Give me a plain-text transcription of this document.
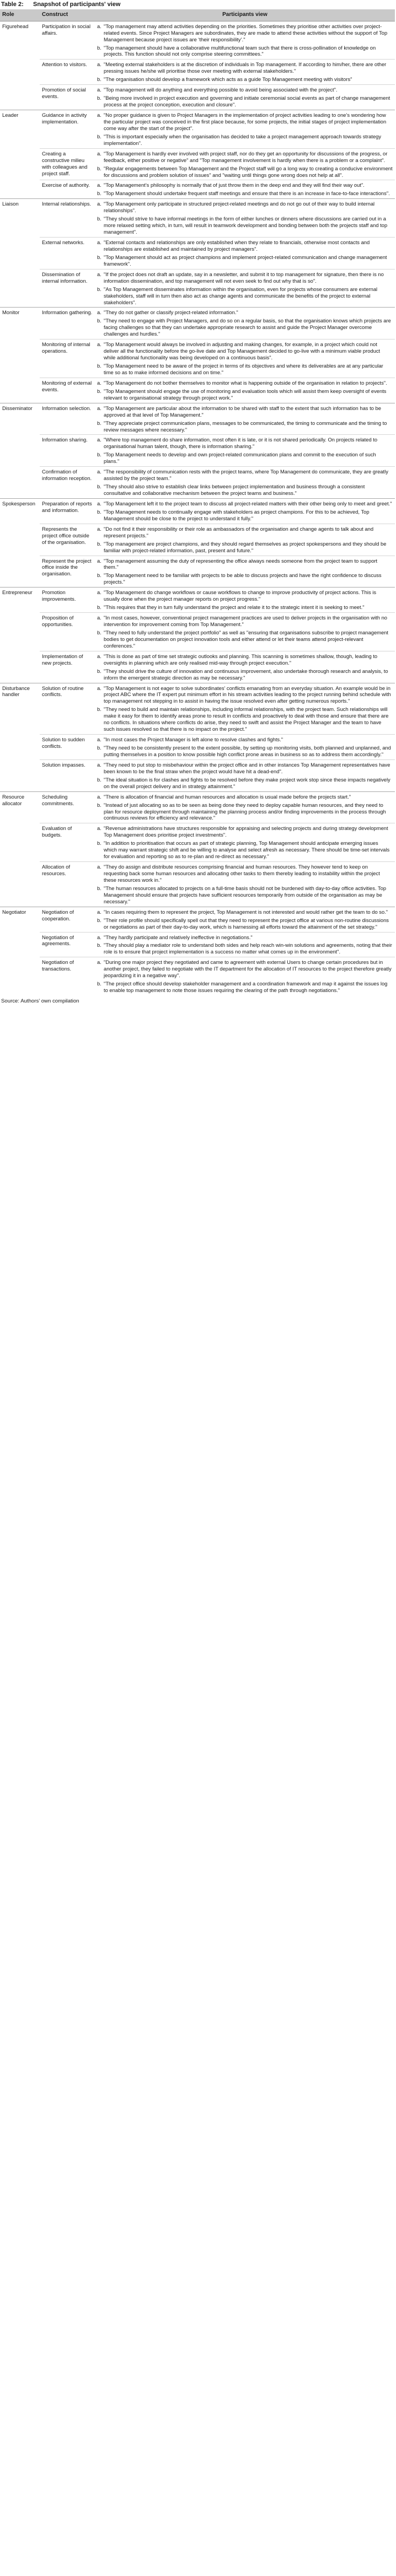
Table 2:	Snapshot of participants' view
Role	Construct	Participants view
Figurehead	Participation in social affairs.	a. "Top management may attend activities depending on the priorities. Sometimes they prioritise other activities over project-related events. Since Project Managers are subordinates, they are made to attend these activities without the support of Top Management because project issues are ‘their responsibility’."
b. "Top management should have a collaborative multifunctional team such that there is cross-pollination of knowledge on projects. This function should not only comprise steering committees."

	Attention to visitors.	a. "Meeting external stakeholders is at the discretion of individuals in Top management. If according to him/her, there are other pressing issues he/she will prioritise those over meeting with external stakeholders."
b. "The organisation should develop a framework which acts as a guide Top Management meeting with visitors"

	Promotion of social events.	a. "Top management will do anything and everything possible to avoid being associated with the project".
b. "Being more involved in project execution and governing and initiate ceremonial social events as part of change management process at the project conception, execution and closure".

Leader	Guidance in activity implementation.	a. "No proper guidance is given to Project Managers in the implementation of project activities leading to one’s wondering how the particular project was conceived in the first place because, for some projects, the initial stages of project implementation come way after the start of the project".
b. "This is important especially when the organisation has decided to take a project management approach towards strategy implementation".

	Creating a constructive milieu with colleagues and project staff.	a. "Top Management is hardly ever involved with project staff, nor do they get an opportunity for discussions of the progress, or feedback, either positive or negative" and "Top management involvement is hardly when there is a problem or a complaint".
b. "Regular engagements between Top Management and the Project staff will go a long way to creating a conducive environment for discussions and problem solution of issues" and "waiting until things gone wrong does not help at all".

	Exercise of authority.	a. "Top Management’s philosophy is normally that of just throw them in the deep end and they will find their way out".
b. "Top Management should undertake frequent staff meetings and ensure that there is an increase in face-to-face interactions".

Liaison	Internal relationships.	a. "Top Management only participate in structured project-related meetings and do not go out of their way to build internal relationships".
b. "They should strive to have informal meetings in the form of either lunches or dinners where discussions are carried out in a more relaxed setting which, in turn, will result in teamwork development and bonding between both the projects staff and top management".

	External networks.	a. "External contacts and relationships are only established when they relate to financials, otherwise most contacts and relationships are established and maintained by project managers".
b. "Top Management should act as project champions and implement project-related communication and change management framework".

	Dissemination of internal information.	a. "If the project does not draft an update, say in a newsletter, and submit it to top management for signature, then there is no information dissemination, and top management will not even seek to find out why that is so".
b. "As Top Management disseminates information within the organisation, even for projects whose consumers are external stakeholders, staff will in turn then also act as change agents and communicate the benefits of the project to external stakeholders".

Monitor	Information gathering.	a. "They do not gather or classify project-related information."
b. "They need to engage with Project Managers, and do so on a regular basis, so that the organisation knows which projects are facing challenges so that they can undertake appropriate research to assist and guide the Project Manager overcome challenges and hurdles."

	Monitoring of internal operations.	a. "Top Management would always be involved in adjusting and making changes, for example, in a project which could not deliver all the functionality before the go-live date and Top Management decided to go-live with a minimum viable product while additional functionality was being developed on a continuous basis".
b. "Top Management need to be aware of the project in terms of its objectives and where its deliverables are at any particular time so as to make informed decisions and on time."

	Monitoring of external events.	a. "Top Management do not bother themselves to monitor what is happening outside of the organisation in relation to projects".
b. "Top Management should engage the use of monitoring and evaluation tools which will assist them keep oversight of events relevant to organisational strategy through project work."

Disseminator	Information selection.	a. "Top Management are particular about the information to be shared with staff to the extent that such information has to be approved at that level of Top Management."
b. "They appreciate project communication plans, messages to be communicated, the timing to communicate and the timing to review messages where necessary."

	Information sharing.	a. "Where top management do share information, most often it is late, or it is not shared periodically. On projects related to organisational human talent, though, there is information sharing."
b. "Top Management needs to develop and own project-related communication plans and commit to the execution of such plans."

	Confirmation of information reception.	a. "The responsibility of communication rests with the project teams, where Top Management do communicate, they are greatly assisted by the project team."
b. "They should also strive to establish clear links between project implementation and business through a consistent consultative and collaborative mechanism between the project teams and business."

Spokesperson	Preparation of reports and information.	a. "Top Management left it to the project team to discuss all project-related matters with their other being only to meet and greet."
b. "Top Management needs to continually engage with stakeholders as project champions. For this to be achieved, Top Management should be close to the project to understand it fully."

	Represents the project office outside of the organisation.	a. "Do not find it their responsibility or their role as ambassadors of the organisation and change agents to talk about and represent projects."
b. "Top management are project champions, and they should regard themselves as project spokespersons and they should be familiar with project-related information, past, present and future."

	Represent the project office inside the organisation.	a. "Top management assuming the duty of representing the office always needs someone from the project team to support them."
b. "Top Management need to be familiar with projects to be able to discuss projects and have the right confidence to discuss projects."

Entrepreneur	Promotion improvements.	a. "Top Management do change workflows or cause workflows to change to improve productivity of project actions. This is usually done when the project manager reports on project progress."
b. "This requires that they in turn fully understand the project and relate it to the strategic intent it is seeking to meet."

	Proposition of opportunities.	a. "In most cases, however, conventional project management practices are used to deliver projects in the organisation with no intervention for improvement coming from Top Management."
b. "They need to fully understand the project portfolio" as well as "ensuring that organisations subscribe to project management bodies to get documentation on project innovation tools and either attend or let their teams attend project-relevant conferences."

	Implementation of new projects.	a. "This is done as part of time set strategic outlooks and planning. This scanning is sometimes shallow, though, leading to oversights in planning which are only realised mid-way through project execution."
b. "They should drive the culture of innovation and continuous improvement, also undertake thorough research and analysis, to inform the emergent strategic direction as may be necessary."

Disturbance handler	Solution of routine conflicts.	a. "Top Management is not eager to solve subordinates’ conflicts emanating from an everyday situation. An example would be in project ABC where the IT expert put minimum effort in his stream activities leading to the project running behind schedule with top management not stepping in to assist in having the issue resolved even after getting numerous reports."
b. "They need to build and maintain relationships, including informal relationships, with the project team. Such relationships will make it easy for them to identify areas prone to result in conflicts and proactively to deal with those and ensure that there are no conflicts. In situations where conflicts do arise, they need to swift and assist the Project Manager and the team to have such issues resolved so that there is no impact on the project."

	Solution to sudden conflicts.	a. "In most cases the Project Manager is left alone to resolve clashes and fights."
b. "They need to be consistently present to the extent possible, by setting up monitoring visits, both planned and unplanned, and putting themselves in a position to know possible high conflict prone areas in business so as to address them accordingly."

	Solution impasses.	a. "They need to put stop to misbehaviour within the project office and in other instances Top Management representatives have been known to be the final straw when the project would have hit a dead-end".
b. "The ideal situation is for clashes and fights to be resolved before they make project work stop since these impacts negatively on the overall project delivery and in strategy attainment."

Resource allocator	Scheduling commitments.	a. "There is allocation of financial and human resources and allocation is usual made before the projects start."
b. "Instead of just allocating so as to be seen as being done they need to deploy capable human resources, and they need to plan for resource deployment through maintaining the planning process and/or finding improvements in the process through continuous reviews for efficiency and relevance."

	Evaluation of budgets.	a. "Revenue administrations have structures responsible for appraising and selecting projects and during strategy development Top Management does prioritise project investments".
b. "In addition to prioritisation that occurs as part of strategic planning, Top Management should anticipate emerging issues which may warrant strategic shift and be willing to analyse and select afresh as necessary. There should be time-set intervals for evaluation and reporting so as to re-plan and re-direct as necessary."

	Allocation of resources.	a. "They do assign and distribute resources comprising financial and human resources. They however tend to keep on requesting back some human resources and allocating other tasks to them thereby leading to instability within the project these resources work in."
b. "The human resources allocated to projects on a full-time basis should not be burdened with day-to-day office activities. Top Management should ensure that projects have sufficient resources temporarily from outside of the organisation as may be necessary."

Negotiator	Negotiation of cooperation.	a. "In cases requiring them to represent the project, Top Management is not interested and would rather get the team to do so."
b. "Their role profile should specifically spell out that they need to represent the project office at various non-routine discussions or negotiations as part of their day-to-day work, which is harnessing all efforts toward the attainment of the set strategy."

	Negotiation of agreements.	a. "They hardly participate and relatively ineffective in negotiations."
b. "They should play a mediator role to understand both sides and help reach win-win solutions and agreements, noting that their role is to ensure that project implementation is a success no matter what comes up in the environment".

	Negotiation of transactions.	a. "During one major project they negotiated and came to agreement with external Users to change certain procedures but in another project, they failed to negotiate with the IT department for the allocation of IT resources to the project therefore greatly jeopardizing it in a negative way".
b. "The project office should develop stakeholder management and a coordination framework and map it against the issues log to enable top management to note those issues requiring the clearing of the path through negotiations."
Source: Authors’ own compilation
